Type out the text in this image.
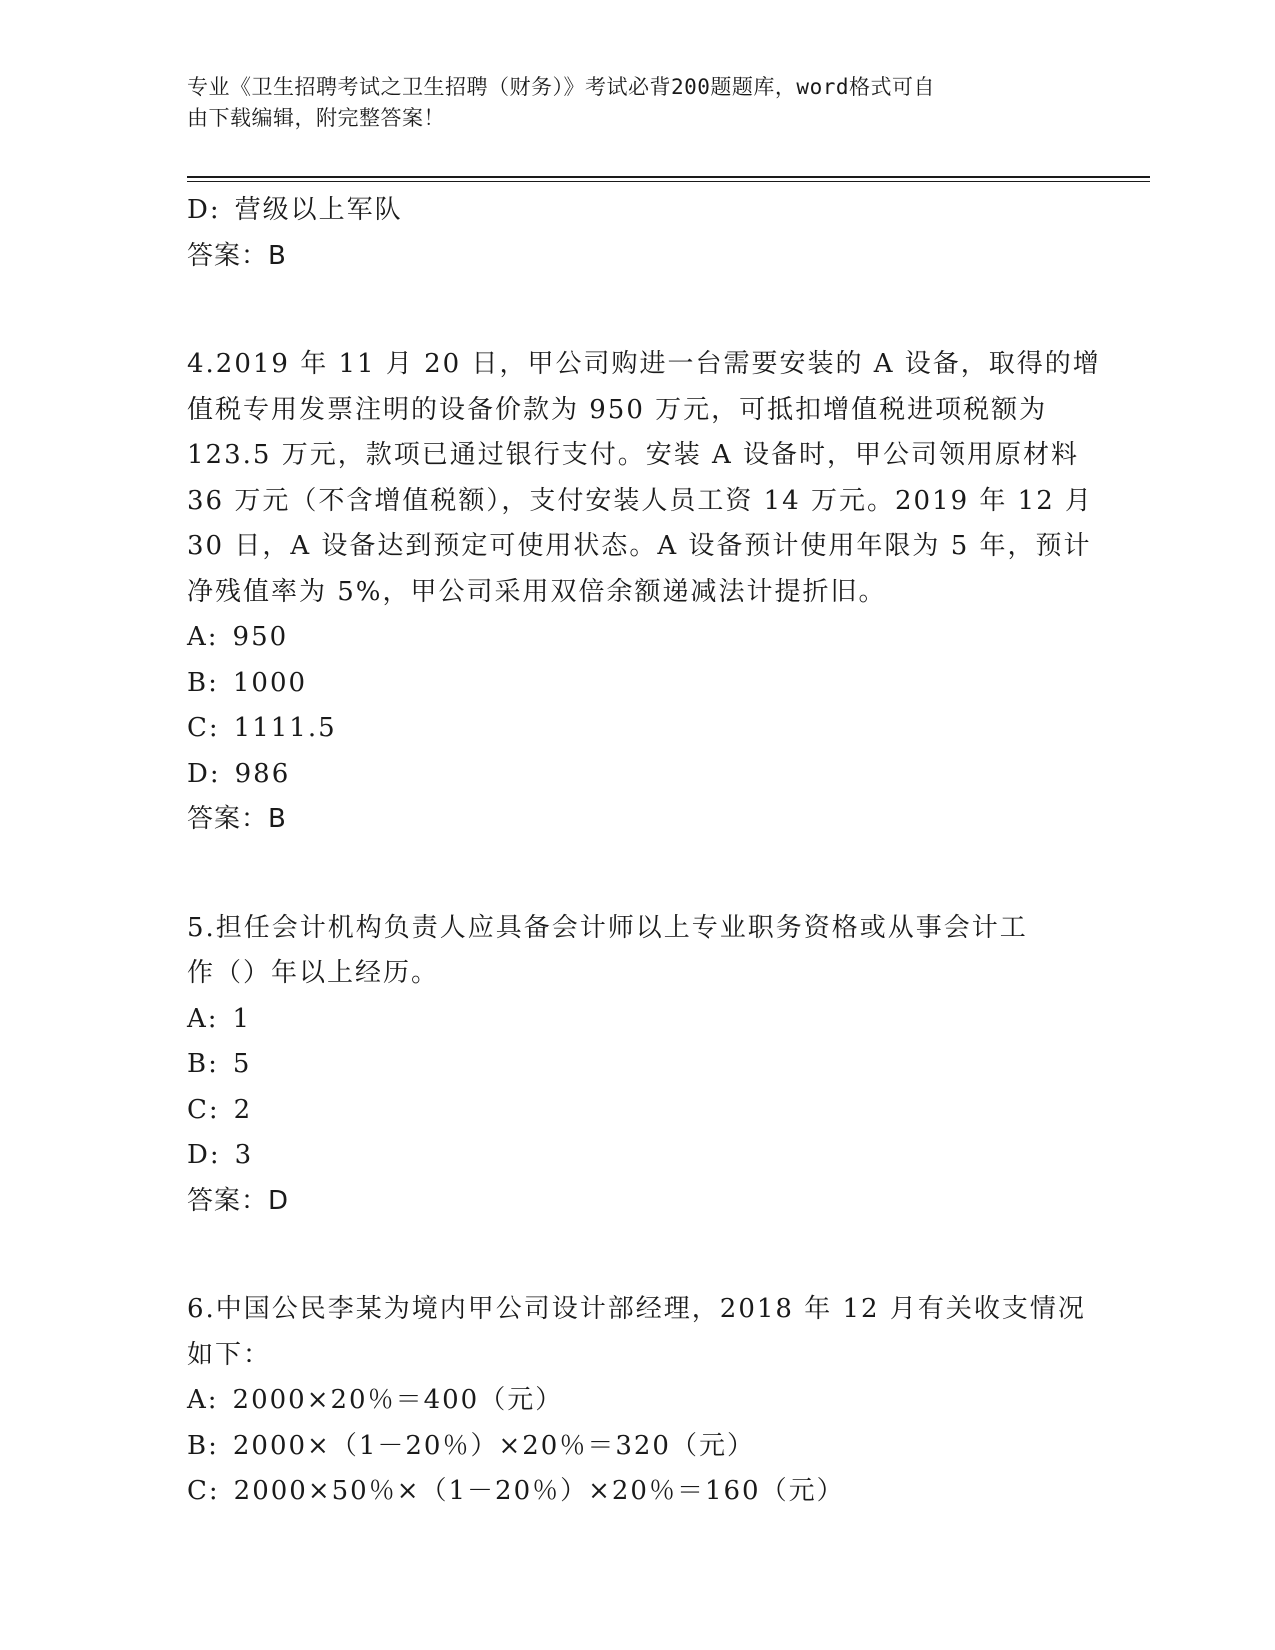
专业《卫生招聘考试之卫生招聘（财务）》考试必背200题题库，word格式可自
由下载编辑，附完整答案！
D: 营级以上军队
答案：B
4.2019 年 11 月 20 日，甲公司购进一台需要安装的 A 设备，取得的增
值税专用发票注明的设备价款为 950 万元，可抵扣增值税进项税额为
123.5 万元，款项已通过银行支付。安装 A 设备时，甲公司领用原材料
36 万元（不含增值税额），支付安装人员工资 14 万元。2019 年 12 月
30 日，A 设备达到预定可使用状态。A 设备预计使用年限为 5 年，预计
净残值率为 5%，甲公司采用双倍余额递减法计提折旧。
A: 950
B: 1000
C: 1111.5
D: 986
答案：B
5.担任会计机构负责人应具备会计师以上专业职务资格或从事会计工
作（）年以上经历。
A: 1
B: 5
C: 2
D: 3
答案：D
6.中国公民李某为境内甲公司设计部经理，2018 年 12 月有关收支情况
如下：
A: 2000×20％＝400（元）
B: 2000×（1－20％）×20％＝320（元）
C: 2000×50％×（1－20％）×20％＝160（元）
